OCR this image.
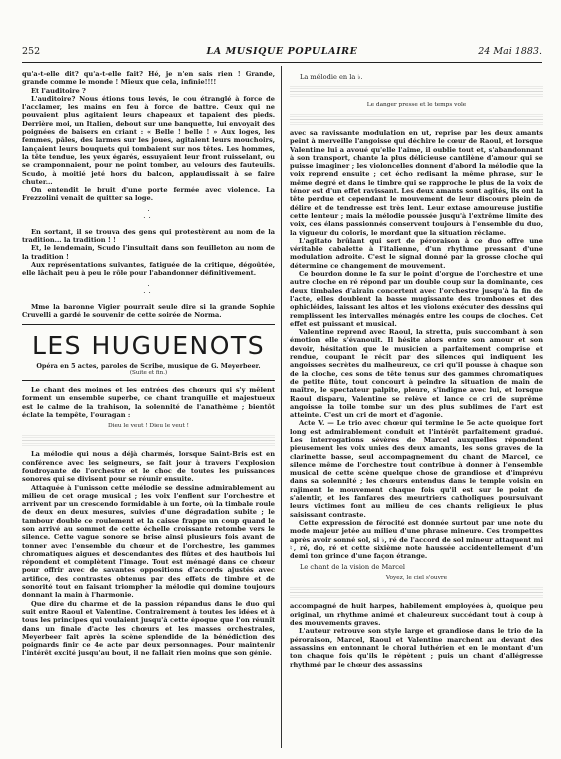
252	LA MUSIQUE POPULAIRE	24 Mai 1883.

qu'a-t-elle dit? qu'a-t-elle fait? Hé, je n'en sais rien ! Grande, grande comme le monde ! Mieux que cela, infinie!!!!

Et l'auditoire ?

L'auditoire? Nous étions tous levés, le cou étranglé à force de l'acclamer, les mains en feu à force de battre. Ceux qui ne pouvaient plus agitaient leurs chapeaux et tapaient des pieds. Derrière moi, un Italien, debout sur une banquette, lui envoyait des poignées de baisers en criant : « Belle ! belle ! » Aux loges, les femmes, pâles, des larmes sur les joues, agitaient leurs mouchoirs, lançaient leurs bouquets qui tombaient sur nos têtes. Les hommes, la tête tendue, les yeux égarés, essuyaient leur front ruisselant, ou se cramponnaient, pour ne point tomber, au velours des fauteuils. Scudo, à moitié jeté hors du balcon, applaudissait à se faire chuter...

On entendit le bruit d'une porte fermée avec violence. La Frezzolini venait de quitter sa loge.

·
··

En sortant, il se trouva des gens qui protestèrent au nom de la tradition... la tradition ! !

Et, le lendemain, Scudo l'insultait dans son feuilleton au nom de la tradition !

Aux représentations suivantes, fatiguée de la critique, dégoûtée, elle lâchait peu à peu le rôle pour l'abandonner définitivement.

·
··

Mme la baronne Vigier pourrait seule dire si la grande Sophie Cruvelli a gardé le souvenir de cette soirée de Norma.

LES HUGUENOTS
Opéra en 5 actes, paroles de Scribe, musique de G. Meyerbeer.
(Suite et fin.)

Le chant des moines et les entrées des chœurs qui s'y mêlent forment un ensemble superbe, ce chant tranquille et majestueux est le calme de la trahison, la solennité de l'anathème ; bientôt éclate la tempête, l'ouragan :

Dieu le veut ! Dieu le veut !

La mélodie qui nous a déjà charmés, lorsque Saint-Bris est en conférence avec les seigneurs, se fait jour à travers l'explosion foudroyante de l'orchestre et le choc de toutes les puissances sonores qui se divisent pour se réunir ensuite.

Attaquée à l'unisson cette mélodie se dessine admirablement au milieu de cet orage musical ; les voix l'enflent sur l'orchestre et arrivent par un crescendo formidable à un forte, où la timbale roule de deux en deux mesures, suivies d'une dégradation subite ; le tambour double ce roulement et la caisse frappe un coup quand le son arrivé au sommet de cette échelle croissante retombe vers le silence. Cette vague sonore se brise ainsi plusieurs fois avant de tonner avec l'ensemble du chœur et de l'orchestre, les gammes chromatiques aigues et descendantes des flûtes et des hautbois lui répondent et complètent l'image. Tout est ménagé dans ce chœur pour offrir avec de savantes oppositions d'accords ajustés avec artifice, des contrastes obtenus par des effets de timbre et de sonorité tout en faisant triompher la mélodie qui domine toujours donnant la main à l'harmonie.

Que dire du charme et de la passion répandus dans le duo qui suit entre Raoul et Valentine. Contrairement à toutes les idées et à tous les principes qui voulaient jusqu'à cette époque que l'on réunît dans un finale d'acte les chœurs et les masses orchestrales, Meyerbeer fait après la scène splendide de la bénédiction des poignards finir ce 4e acte par deux personnages. Pour maintenir l'intérêt excité jusqu'au bout, il ne fallait rien moins que son génie.

La mélodie en la ♭.
Le danger presse et le temps vole

avec sa ravissante modulation en ut, reprise par les deux amants peint à merveille l'angoisse qui déchire le cœur de Raoul, et lorsque Valentine lui a avoué qu'elle l'aime, il oublie tout et, s'abandonnant à son transport, chante la plus délicieuse cantilène d'amour qui se puisse imaginer ; les violoncelles donnent d'abord la mélodie que la voix reprend ensuite ; cet écho redisant la même phrase, sur le même degré et dans le timbre qui se rapproche le plus de la voix de ténor est d'un effet ravissant. Les deux amants sont agités, ils ont la tête perdue et cependant le mouvement de leur discours plein de délire et de tendresse est très lent. Leur extase amoureuse justifie cette lenteur ; mais la mélodie poussée jusqu'à l'extrême limite des voix, ces élans passionnés conservent toujours à l'ensemble du duo, la vigueur du coloris, le mordant que la situation réclame.

L'agitato brûlant qui sert de péroraison à ce duo offre une véritable cabalette à l'italienne, d'un rhythme pressant d'une modulation adroite. C'est le signal donné par la grosse cloche qui détermine ce changement de mouvement.

Ce bourdon donne le fa sur le point d'orgue de l'orchestre et une autre cloche en ré répond par un double coup sur la dominante, ces deux timbales d'airain concertent avec l'orchestre jusqu'à la fin de l'acte, elles doublent la basse mugissante des trombones et des ophicléides, laissant les altos et les violons exécuter des dessins qui remplissent les intervalles ménagés entre les coups de cloches. Cet effet est puissant et musical.

Valentine reprend avec Raoul, la stretta, puis succombant à son émotion elle s'évanouit. Il hésite alors entre son amour et son devoir, hésitation que le musicien a parfaitement comprise et rendue, coupant le récit par des silences qui indiquent les angoisses secrètes du malheureux, ce cri qu'il pousse à chaque son de la cloche, ces sons de tête tenus sur des gammes chromatiques de petite flûte, tout concourt à peindre la situation de main de maître, le spectateur palpite, pleure, s'indigne avec lui, et lorsque Raoul disparu, Valentine se relève et lance ce cri de suprême angoisse la toile tombe sur un des plus sublimes de l'art est atteinte. C'est un cri de mort et d'agonie.

Acte V. — Le trio avec chœur qui termine le 5e acte quoique fort long est admirablement conduit et l'intérêt parfaitement gradué. Les interrogations sévères de Marcel auxquelles répondent pieusement les voix unies des deux amants, les sons graves de la clarinette basse, seul accompagnement du chant de Marcel, ce silence même de l'orchestre tout contribue à donner à l'ensemble musical de cette scène quelque chose de grandiose et d'imprévu dans sa solennité ; les chœurs entendus dans le temple voisin en rajiment le mouvement chaque fois qu'il est sur le point de s'alentir, et les fanfares des meurtriers catholiques poursuivant leurs victimes font au milieu de ces chants religieux le plus saisissant contraste.

Cette expression de férocité est donnée surtout par une note du mode majeur jetée au milieu d'une phrase mineure. Ces trompettes après avoir sonné sol, si ♭, ré de l'accord de sol mineur attaquent mi ♮, ré, do, ré et cette sixième note haussée accidentellement d'un demi ton grince d'une façon étrange.

Le chant de la vision de Marcel
Voyez, le ciel s'ouvre

accompagné de huit harpes, habilement employées à, quoique peu original, un rhythme animé et chaleureux succédant tout à coup à des mouvements graves.

L'auteur retrouve son style large et grandiose dans le trio de la péroraison, Marcel, Raoul et Valentine marchent au devant des assassins en entonnant le choral luthérien et en le montant d'un ton chaque fois qu'ils le répètent ; puis un chant d'allégresse rhythmé par le chœur des assassins
